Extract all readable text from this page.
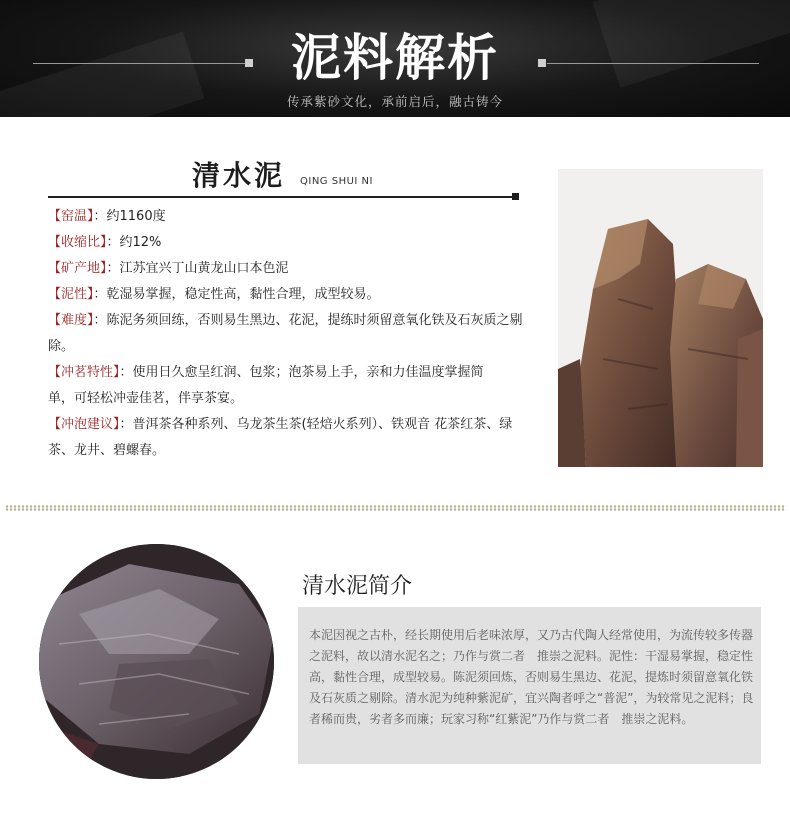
泥料解析
传承紫砂文化，承前启后，融古铸今
清水泥 QING SHUI NI
【窑温】：约1160度
【收缩比】：约12%
【矿产地】：江苏宜兴丁山黄龙山口本色泥
【泥性】：乾湿易掌握，稳定性高，黏性合理，成型较易。
【难度】：陈泥务须回练，否则易生黑边、花泥，提练时须留意氧化铁及石灰质之剔除。
【冲茗特性】：使用日久愈呈红润、包浆；泡茶易上手，亲和力佳温度掌握简单，可轻松冲壶佳茗，伴享茶宴。
【冲泡建议】：普洱茶各种系列、乌龙茶生茶(轻焙火系列）、铁观音 花茶红茶、绿茶、龙井、碧螺春。
清水泥简介

本泥因视之古朴，经长期使用后老味浓厚，又乃古代陶人经常使用，为流传较多传器之泥料，故以清水泥名之；乃作与赏二者　推崇之泥料。泥性：干湿易掌握，稳定性高，黏性合理，成型较易。陈泥须回炼，否则易生黑边、花泥，提炼时须留意氧化铁及石灰质之剔除。清水泥为纯种紫泥矿，宜兴陶者呼之“普泥”，为较常见之泥料；良者稀而贵，劣者多而廉；玩家习称“红紫泥”乃作与赏二者　推崇之泥料。
